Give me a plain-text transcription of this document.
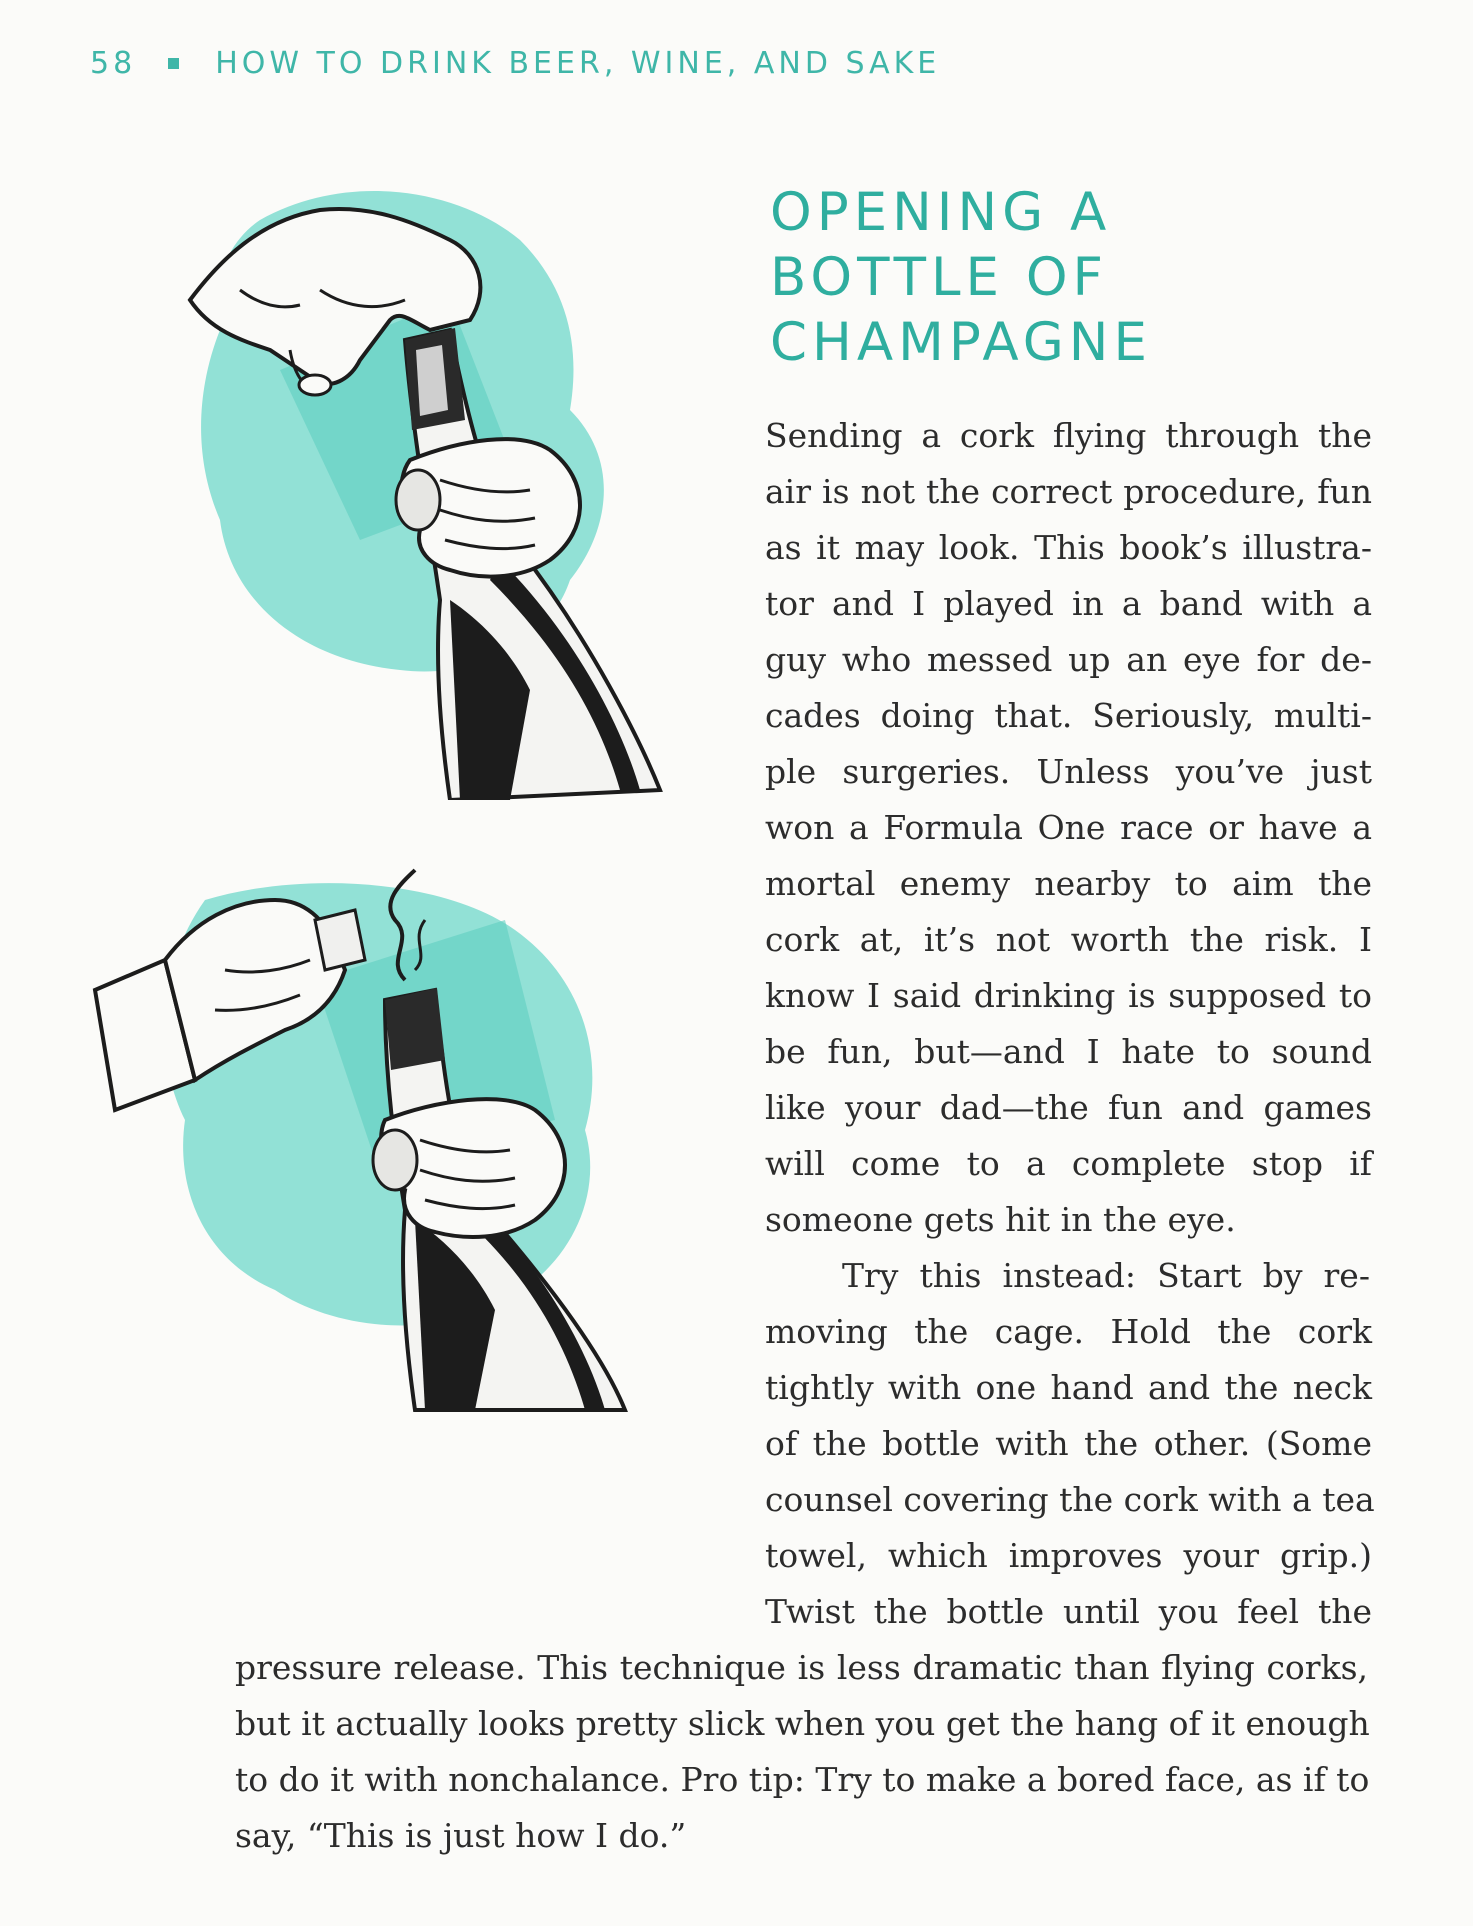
58	HOW TO DRINK BEER, WINE, AND SAKE
OPENING A
BOTTLE OF
CHAMPAGNE
Sending a cork flying through the
air is not the correct procedure, fun
as it may look. This book’s illustra-
tor and I played in a band with a
guy who messed up an eye for de-
cades doing that. Seriously, multi-
ple surgeries. Unless you’ve just
won a Formula One race or have a
mortal enemy nearby to aim the
cork at, it’s not worth the risk. I
know I said drinking is supposed to
be fun, but—and I hate to sound
like your dad—the fun and games
will come to a complete stop if
someone gets hit in the eye.
Try this instead: Start by re-
moving the cage. Hold the cork
tightly with one hand and the neck
of the bottle with the other. (Some
counsel covering the cork with a tea
towel, which improves your grip.)
Twist the bottle until you feel the
pressure release. This technique is less dramatic than flying corks,
but it actually looks pretty slick when you get the hang of it enough
to do it with nonchalance. Pro tip: Try to make a bored face, as if to
say, “This is just how I do.”
